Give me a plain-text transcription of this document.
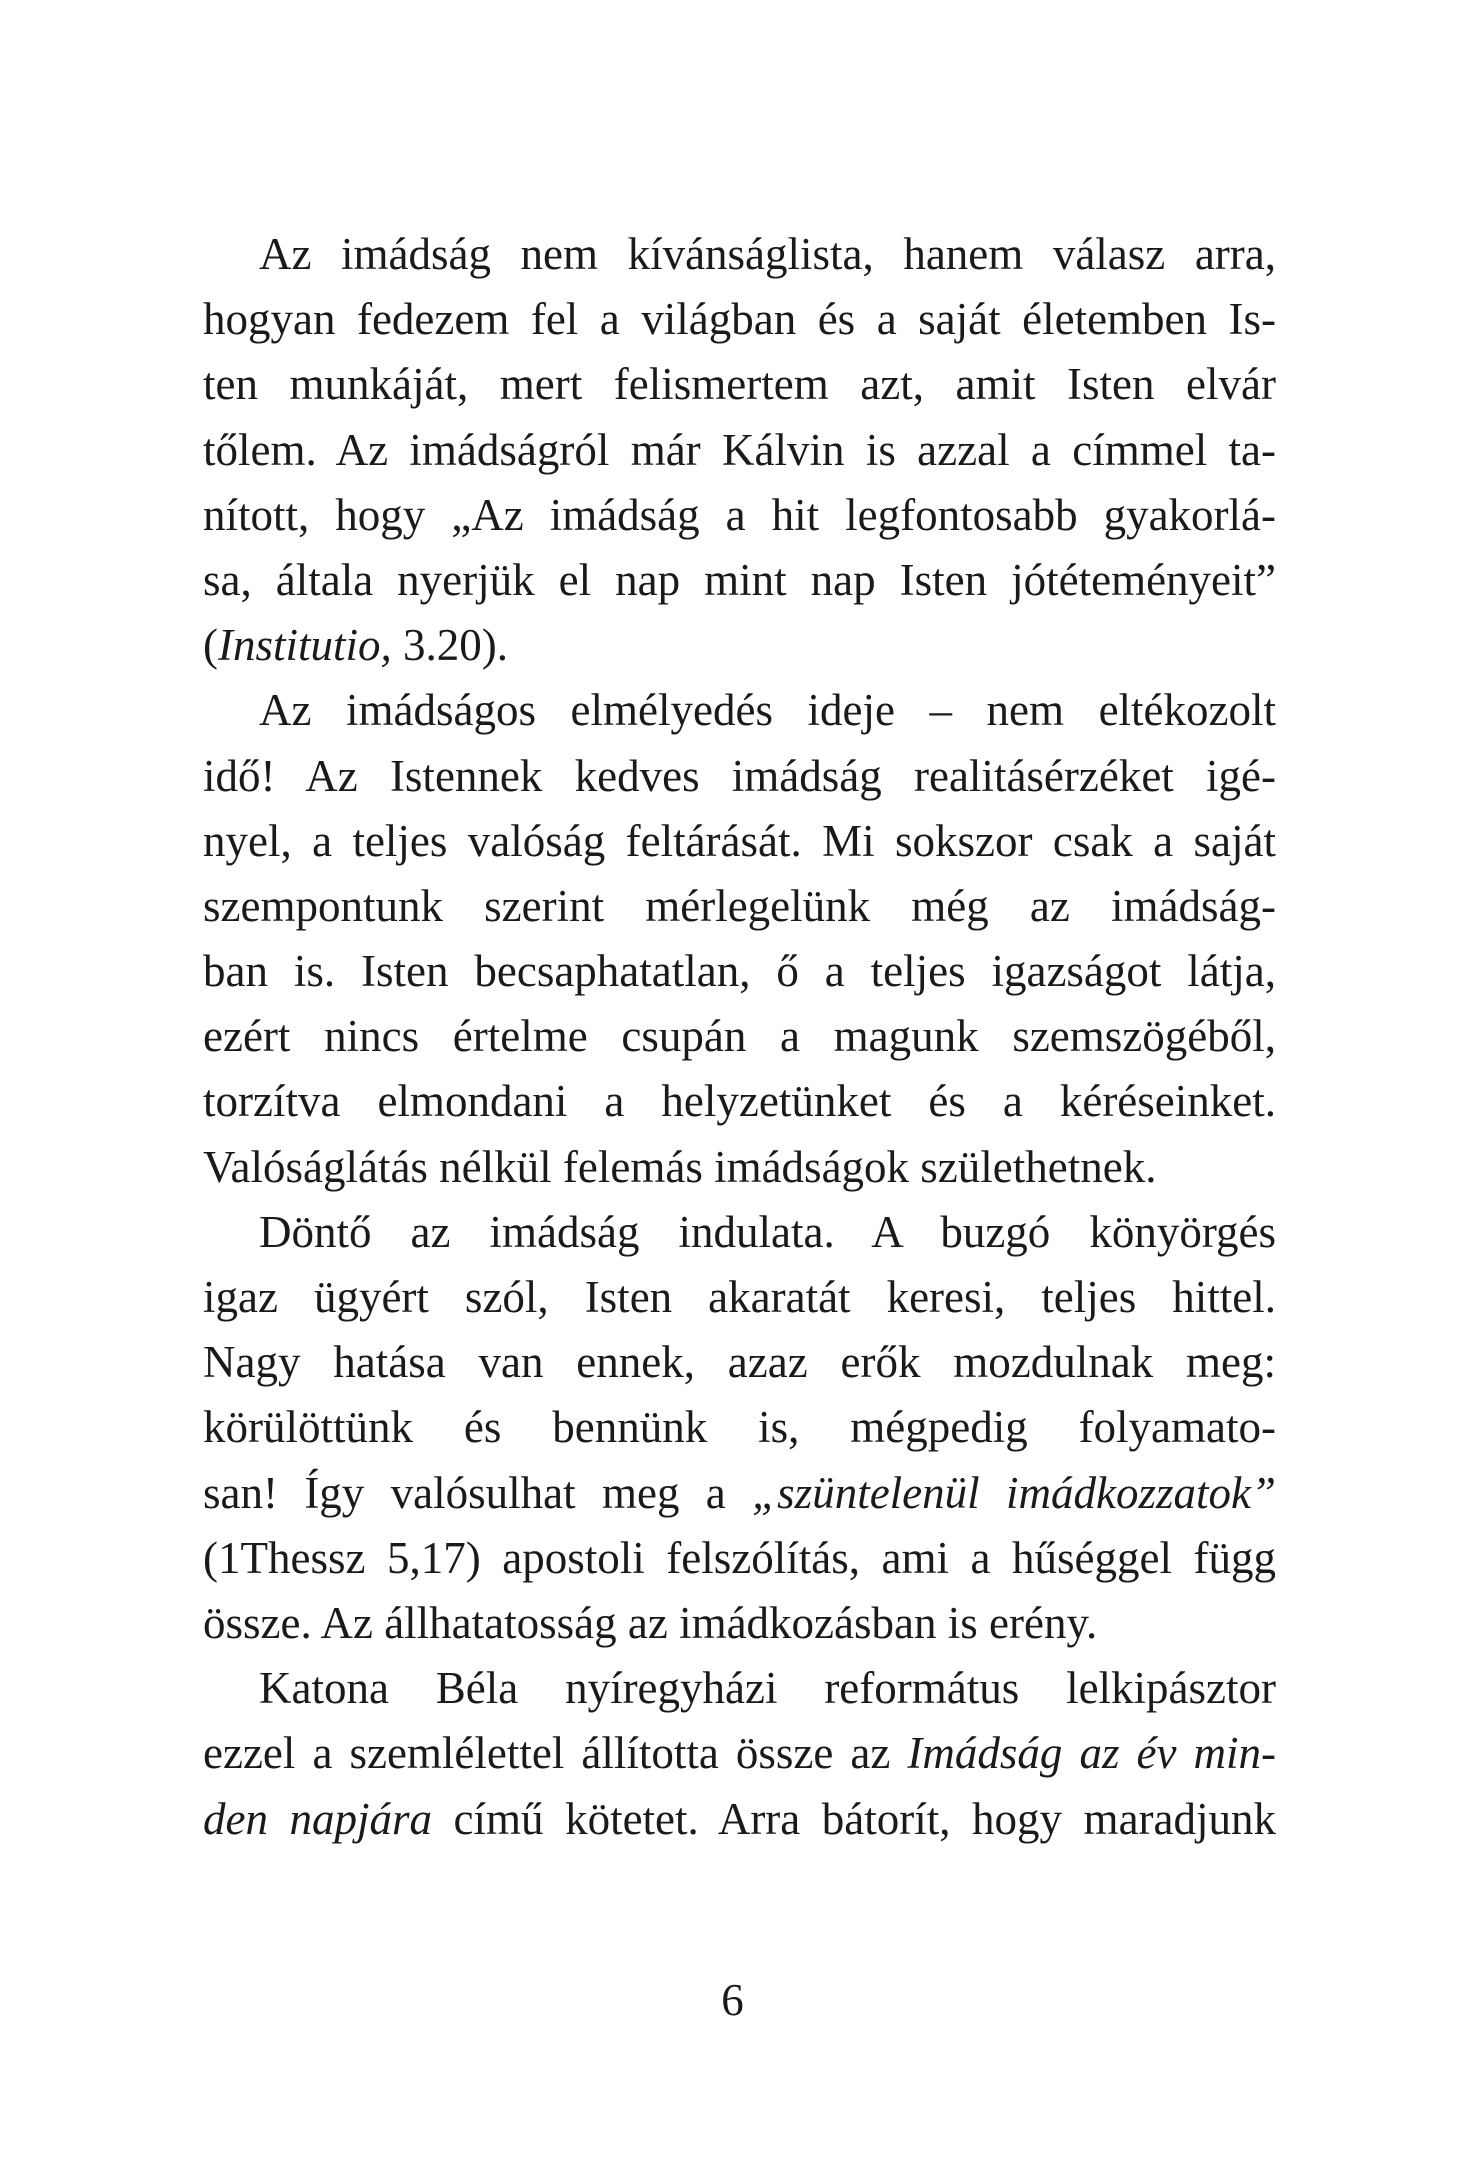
Az imádság nem kívánságlista, hanem válasz arra,
hogyan fedezem fel a világban és a saját életemben Is-
ten munkáját, mert felismertem azt, amit Isten elvár
tőlem. Az imádságról már Kálvin is azzal a címmel ta-
nított, hogy „Az imádság a hit legfontosabb gyakorlá-
sa, általa nyerjük el nap mint nap Isten jótéteményeit”
(Institutio, 3.20).
Az imádságos elmélyedés ideje – nem eltékozolt
idő! Az Istennek kedves imádság realitásérzéket igé-
nyel, a teljes valóság feltárását. Mi sokszor csak a saját
szempontunk szerint mérlegelünk még az imádság-
ban is. Isten becsaphatatlan, ő a teljes igazságot látja,
ezért nincs értelme csupán a magunk szemszögéből,
torzítva elmondani a helyzetünket és a kéréseinket.
Valóságlátás nélkül felemás imádságok születhetnek.
Döntő az imádság indulata. A buzgó könyörgés
igaz ügyért szól, Isten akaratát keresi, teljes hittel.
Nagy hatása van ennek, azaz erők mozdulnak meg:
körülöttünk és bennünk is, mégpedig folyamato-
san! Így valósulhat meg a „szüntelenül imádkozzatok”
(1Thessz 5,17) apostoli felszólítás, ami a hűséggel függ
össze. Az állhatatosság az imádkozásban is erény.
Katona Béla nyíregyházi református lelkipásztor
ezzel a szemlélettel állította össze az Imádság az év min-
den napjára című kötetet. Arra bátorít, hogy maradjunk
6
